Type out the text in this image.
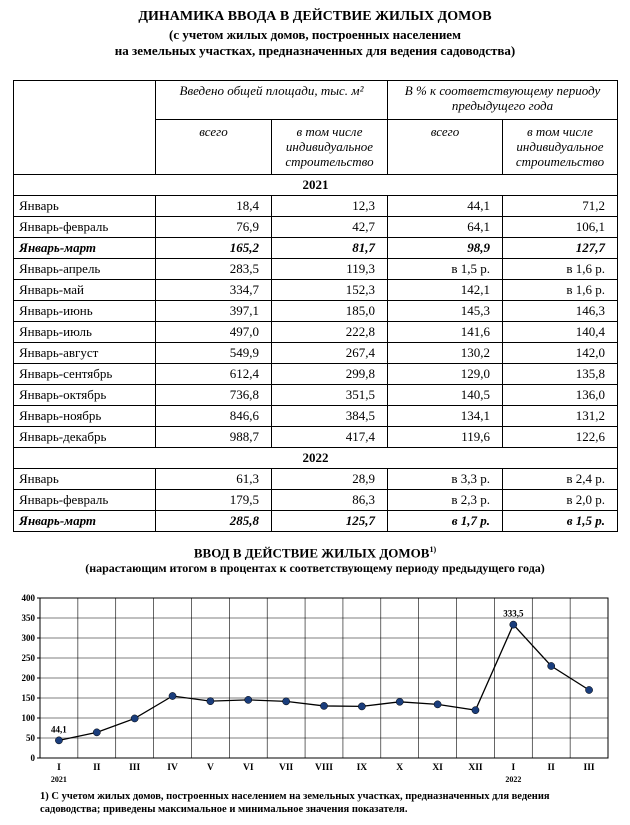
ДИНАМИКА ВВОДА В ДЕЙСТВИЕ ЖИЛЫХ ДОМОВ
(с учетом жилых домов, построенных населением
на земельных участках, предназначенных для ведения садоводства)
	Введено общей площади, тыс. м²		В % к соответствующему периоду предыдущего года	
	всего	в том числе индивидуальное строительство	всего	в том числе индивидуальное строительство
2021				
Январь	18,4	12,3	44,1	71,2
Январь-февраль	76,9	42,7	64,1	106,1
Январь-март	165,2	81,7	98,9	127,7
Январь-апрель	283,5	119,3	в 1,5 р.	в 1,6 р.
Январь-май	334,7	152,3	142,1	в 1,6 р.
Январь-июнь	397,1	185,0	145,3	146,3
Январь-июль	497,0	222,8	141,6	140,4
Январь-август	549,9	267,4	130,2	142,0
Январь-сентябрь	612,4	299,8	129,0	135,8
Январь-октябрь	736,8	351,5	140,5	136,0
Январь-ноябрь	846,6	384,5	134,1	131,2
Январь-декабрь	988,7	417,4	119,6	122,6
2022				
Январь	61,3	28,9	в 3,3 р.	в 2,4 р.
Январь-февраль	179,5	86,3	в 2,3 р.	в 2,0 р.
Январь-март	285,8	125,7	в 1,7 р.	в 1,5 р.
ВВОД В ДЕЙСТВИЕ ЖИЛЫХ ДОМОВ$^{1)}$
(нарастающим итогом в процентах к соответствующему периоду предыдущего года)
0
50
100
150
200
250
300
350
400
I	II	III	IV	V	VI	VII VIII IX	X	XI	XII	I	II	III
2021	2022
44,1
333,5
1) С учетом жилых домов, построенных населением на земельных участках, предназначенных для ведения садоводства; приведены максимальное и минимальное значения показателя.
